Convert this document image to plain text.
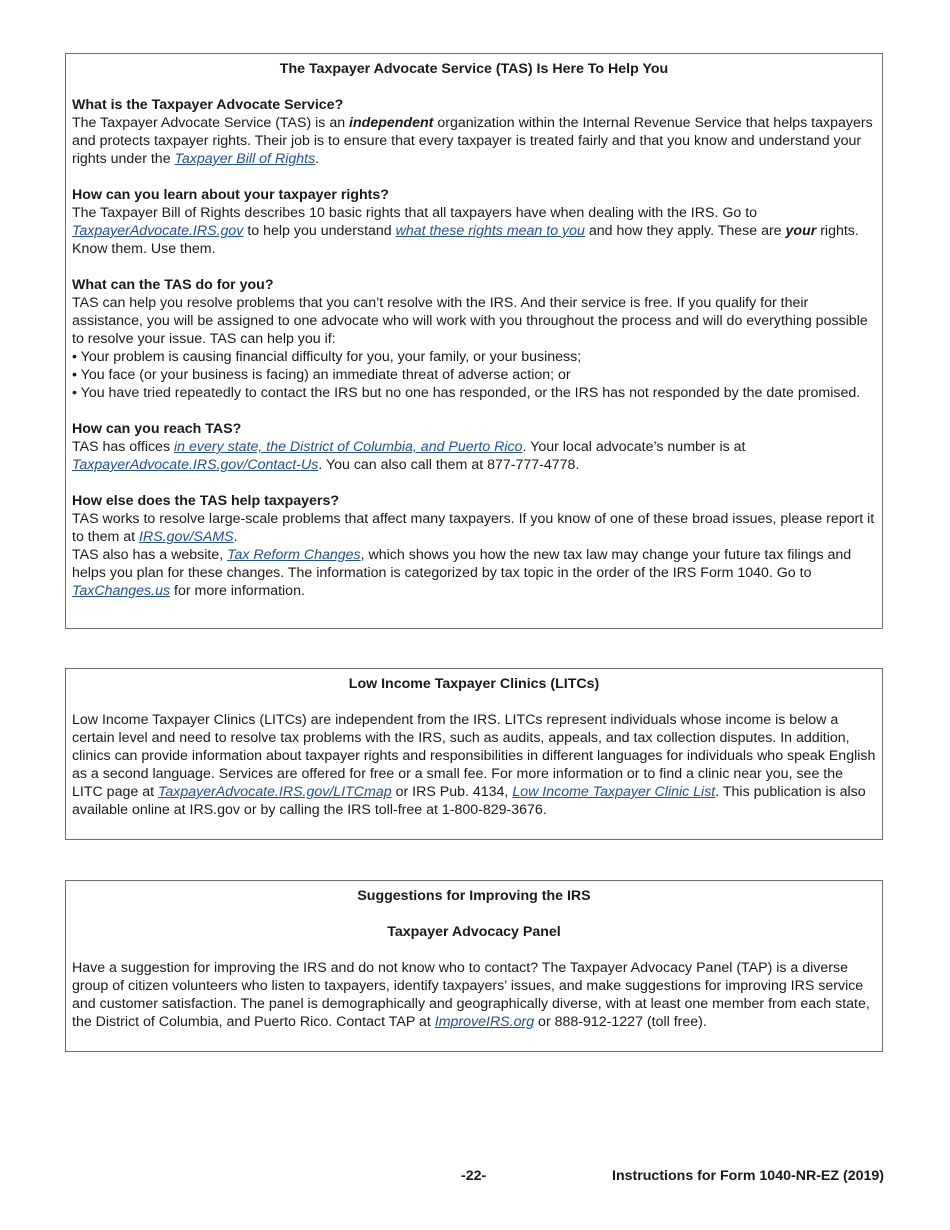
The Taxpayer Advocate Service (TAS) Is Here To Help You

What is the Taxpayer Advocate Service?

The Taxpayer Advocate Service (TAS) is an independent organization within the Internal Revenue Service that helps taxpayers and protects taxpayer rights. Their job is to ensure that every taxpayer is treated fairly and that you know and understand your rights under the Taxpayer Bill of Rights.

How can you learn about your taxpayer rights?

The Taxpayer Bill of Rights describes 10 basic rights that all taxpayers have when dealing with the IRS. Go to TaxpayerAdvocate.IRS.gov to help you understand what these rights mean to you and how they apply. These are your rights. Know them. Use them.

What can the TAS do for you?

TAS can help you resolve problems that you can’t resolve with the IRS. And their service is free. If you qualify for their assistance, you will be assigned to one advocate who will work with you throughout the process and will do everything possible to resolve your issue. TAS can help you if:

• Your problem is causing financial difficulty for you, your family, or your business;

• You face (or your business is facing) an immediate threat of adverse action; or

• You have tried repeatedly to contact the IRS but no one has responded, or the IRS has not responded by the date promised.

How can you reach TAS?

TAS has offices in every state, the District of Columbia, and Puerto Rico. Your local advocate’s number is at TaxpayerAdvocate.IRS.gov/Contact-Us. You can also call them at 877-777-4778.

How else does the TAS help taxpayers?

TAS works to resolve large-scale problems that affect many taxpayers. If you know of one of these broad issues, please report it to them at IRS.gov/SAMS.

TAS also has a website, Tax Reform Changes, which shows you how the new tax law may change your future tax filings and helps you plan for these changes. The information is categorized by tax topic in the order of the IRS Form 1040. Go to TaxChanges.us for more information.

Low Income Taxpayer Clinics (LITCs)

Low Income Taxpayer Clinics (LITCs) are independent from the IRS. LITCs represent individuals whose income is below a certain level and need to resolve tax problems with the IRS, such as audits, appeals, and tax collection disputes. In addition, clinics can provide information about taxpayer rights and responsibilities in different languages for individuals who speak English as a second language. Services are offered for free or a small fee. For more information or to find a clinic near you, see the LITC page at TaxpayerAdvocate.IRS.gov/LITCmap or IRS Pub. 4134, Low Income Taxpayer Clinic List. This publication is also available online at IRS.gov or by calling the IRS toll-free at 1-800-829-3676.

Suggestions for Improving the IRS

Taxpayer Advocacy Panel

Have a suggestion for improving the IRS and do not know who to contact? The Taxpayer Advocacy Panel (TAP) is a diverse group of citizen volunteers who listen to taxpayers, identify taxpayers’ issues, and make suggestions for improving IRS service and customer satisfaction. The panel is demographically and geographically diverse, with at least one member from each state, the District of Columbia, and Puerto Rico. Contact TAP at ImproveIRS.org or 888-912-1227 (toll free).

-22-	Instructions for Form 1040-NR-EZ (2019)
